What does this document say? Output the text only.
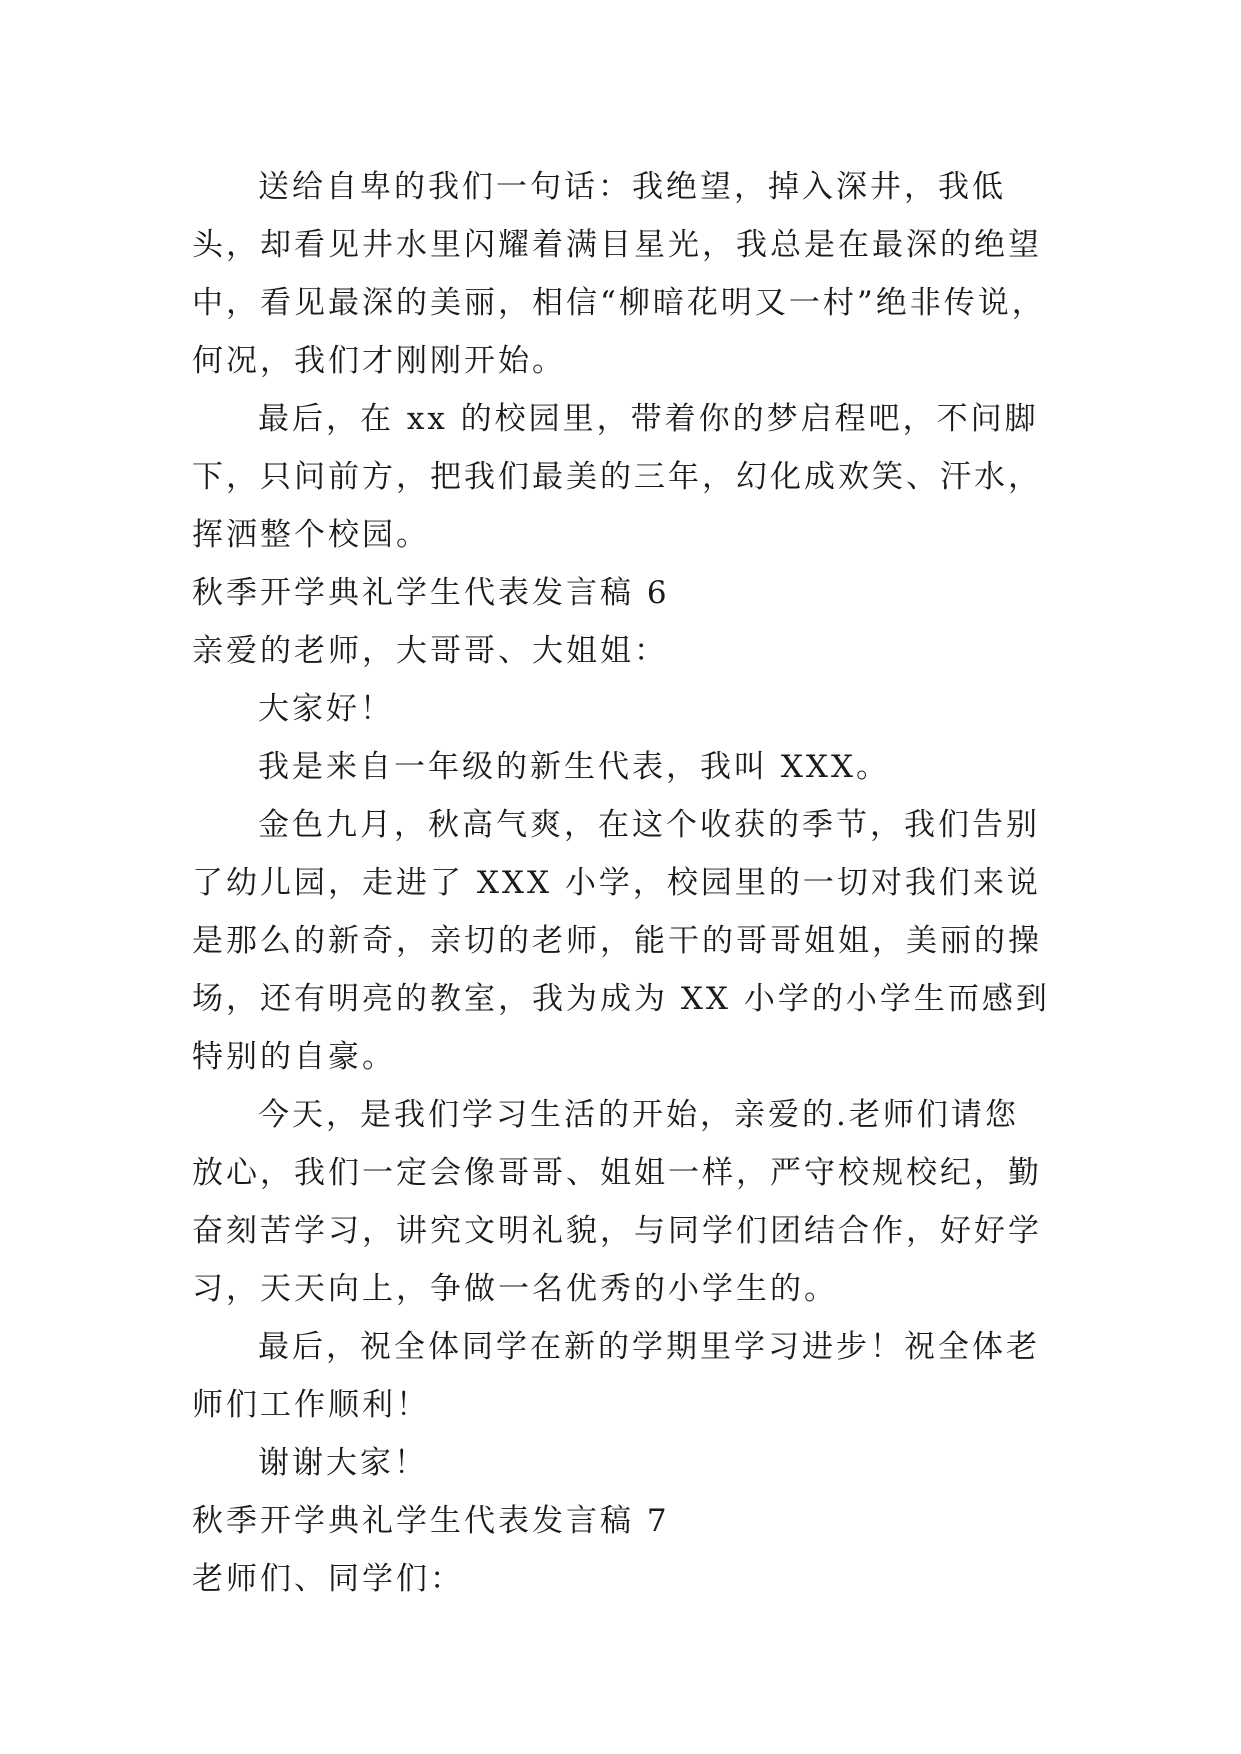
送给自卑的我们一句话：我绝望，掉入深井，我低头，却看见井水里闪耀着满目星光，我总是在最深的绝望中，看见最深的美丽，相信“柳暗花明又一村”绝非传说，何况，我们才刚刚开始。

最后，在 xx 的校园里，带着你的梦启程吧，不问脚下，只问前方，把我们最美的三年，幻化成欢笑、汗水，挥洒整个校园。

秋季开学典礼学生代表发言稿 6

亲爱的老师，大哥哥、大姐姐：

大家好！

我是来自一年级的新生代表，我叫 XXX。

金色九月，秋高气爽，在这个收获的季节，我们告别了幼儿园，走进了 XXX 小学，校园里的一切对我们来说是那么的新奇，亲切的老师，能干的哥哥姐姐，美丽的操场，还有明亮的教室，我为成为 XX 小学的小学生而感到特别的自豪。

今天，是我们学习生活的开始，亲爱的.老师们请您放心，我们一定会像哥哥、姐姐一样，严守校规校纪，勤奋刻苦学习，讲究文明礼貌，与同学们团结合作，好好学习，天天向上，争做一名优秀的小学生的。

最后，祝全体同学在新的学期里学习进步！祝全体老师们工作顺利！

谢谢大家！

秋季开学典礼学生代表发言稿 7

老师们、同学们：
